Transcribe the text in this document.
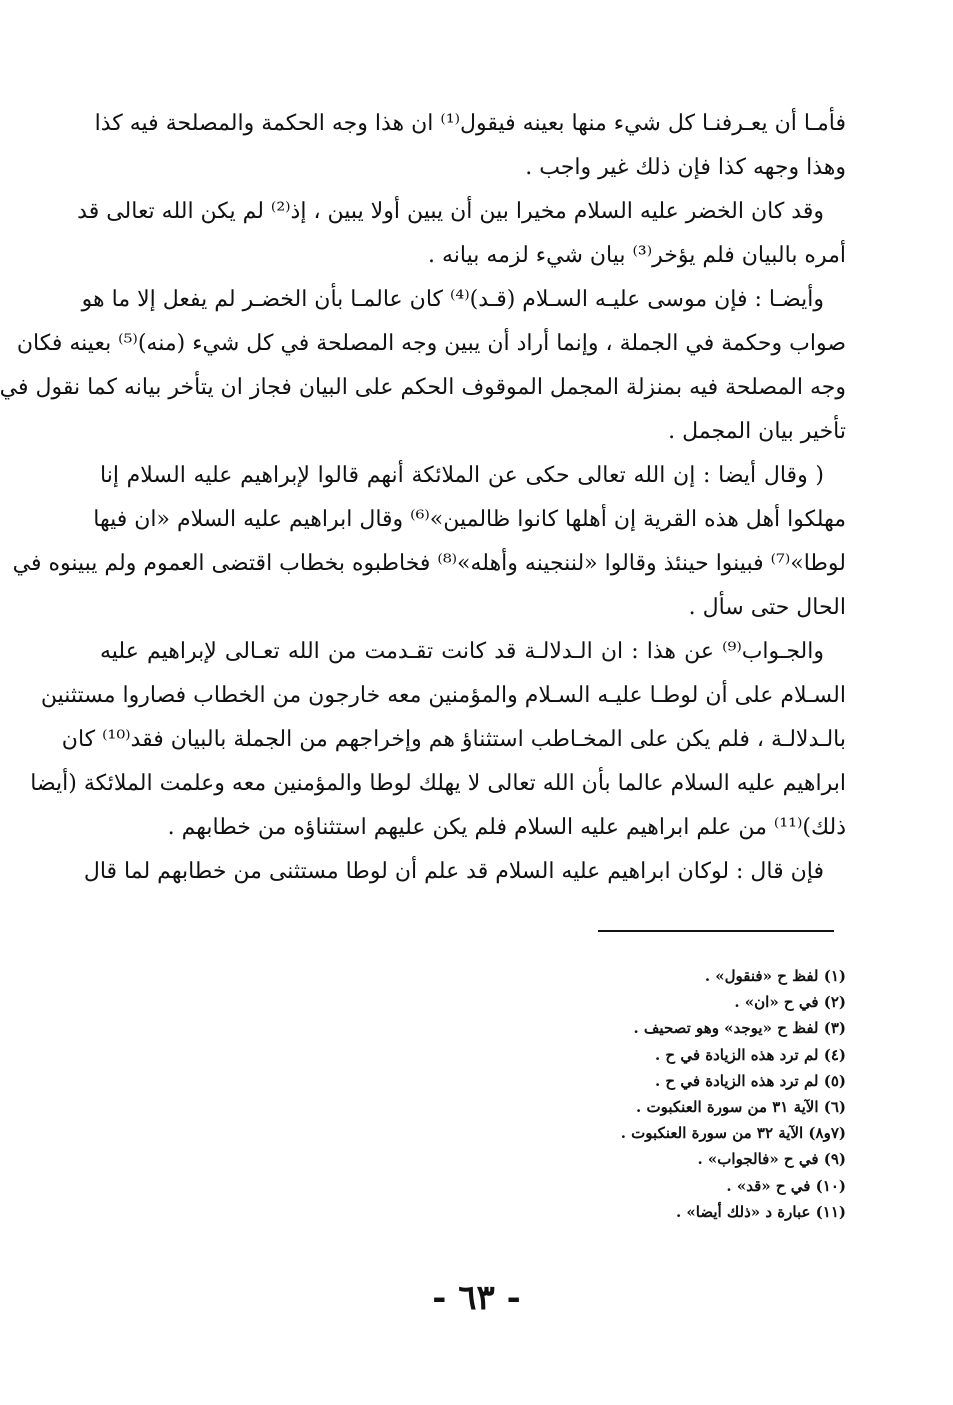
فأمـا أن يعـرفنـا كل شيء منها بعينه فيقول⁽¹⁾ ان هذا وجه الحكمة والمصلحة فيه كذا
وهذا وجهه كذا فإن ذلك غير واجب .
وقد كان الخضر عليه السلام مخيرا بين أن يبين أولا يبين ، إذ⁽²⁾ لم يكن الله تعالى قد
أمره بالبيان فلم يؤخر⁽³⁾ بيان شيء لزمه بيانه .
وأيضـا : فإن موسى عليـه السـلام (قـد)⁽⁴⁾ كان عالمـا بأن الخضـر لم يفعل إلا ما هو
صواب وحكمة في الجملة ، وإنما أراد أن يبين وجه المصلحة في كل شيء (منه)⁽⁵⁾ بعينه فكان
وجه المصلحة فيه بمنزلة المجمل الموقوف الحكم على البيان فجاز ان يتأخر بيانه كما نقول في
تأخير بيان المجمل .
( وقال أيضا : إن الله تعالى حكى عن الملائكة أنهم قالوا لإبراهيم عليه السلام إنا
مهلكوا أهل هذه القرية إن أهلها كانوا ظالمين»⁽⁶⁾ وقال ابراهيم عليه السلام «ان فيها
لوطا»⁽⁷⁾ فبينوا حينئذ وقالوا «لننجينه وأهله»⁽⁸⁾ فخاطبوه بخطاب اقتضى العموم ولم يبينوه في
الحال حتى سأل .
والجـواب⁽⁹⁾ عن هذا : ان الـدلالـة قد كانت تقـدمت من الله تعـالى لإبراهيم عليه
السـلام على أن لوطـا عليـه السـلام والمؤمنين معه خارجون من الخطاب فصاروا مستثنين
بالـدلالـة ، فلم يكن على المخـاطب استثناؤ هم وإخراجهم من الجملة بالبيان فقد⁽¹⁰⁾ كان
ابراهيم عليه السلام عالما بأن الله تعالى لا يهلك لوطا والمؤمنين معه وعلمت الملائكة (أيضا
ذلك)⁽¹¹⁾ من علم ابراهيم عليه السلام فلم يكن عليهم استثناؤه من خطابهم .
فإن قال : لوكان ابراهيم عليه السلام قد علم أن لوطا مستثنى من خطابهم لما قال
(١) لفظ ح «فنقول» .
(٢) في ح «ان» .
(٣) لفظ ح «يوجد» وهو تصحيف .
(٤) لم ترد هذه الزيادة في ح .
(٥) لم ترد هذه الزيادة في ح .
(٦) الآية ٣١ من سورة العنكبوت .
(٧و٨) الآية ٣٢ من سورة العنكبوت .
(٩) في ح «فالجواب» .
(١٠) في ح «قد» .
(١١) عبارة د «ذلك أيضا» .
- ٦٣ -
